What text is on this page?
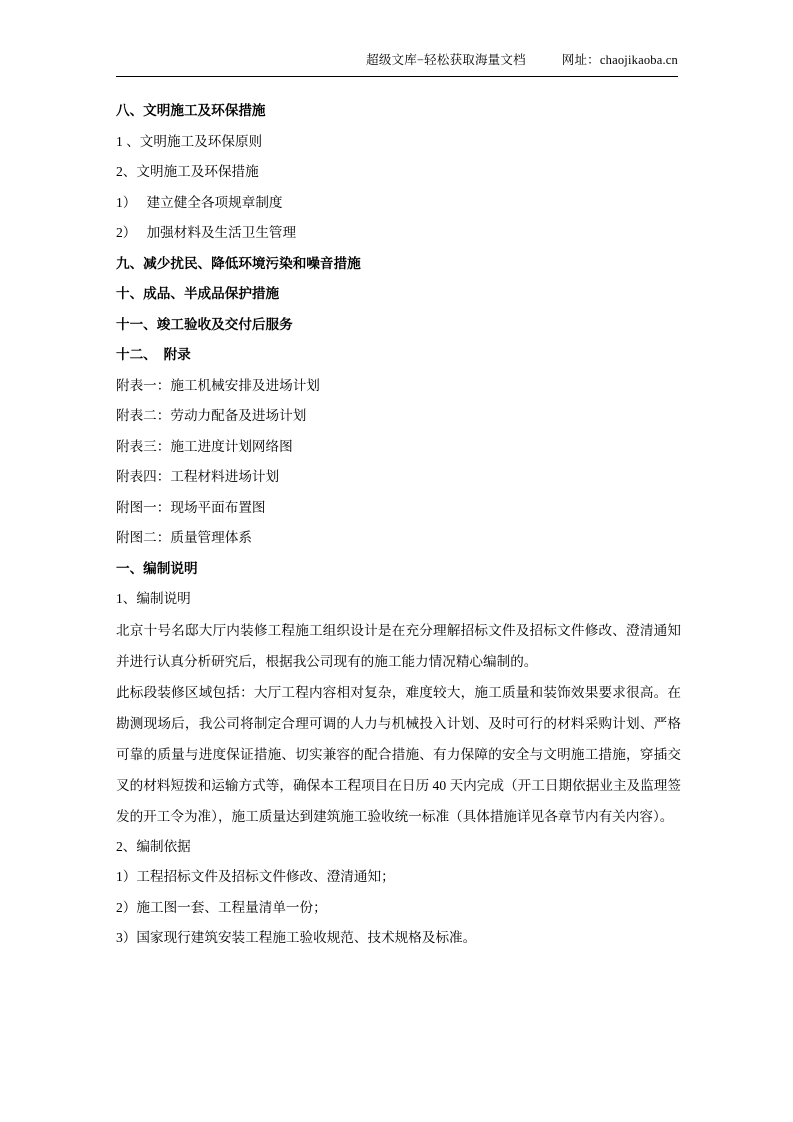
超级文库−轻松获取海量文档	网址：chaojikaoba.cn

八、文明施工及环保措施

1 、文明施工及环保原则

2、文明施工及环保措施

1）   建立健全各项规章制度

2）   加强材料及生活卫生管理

九、减少扰民、降低环境污染和噪音措施

十、成品、半成品保护措施

十一、竣工验收及交付后服务

十二、  附录

附表一：施工机械安排及进场计划

附表二：劳动力配备及进场计划

附表三：施工进度计划网络图

附表四：工程材料进场计划

附图一：现场平面布置图

附图二：质量管理体系

一、编制说明

1、编制说明

北京十号名邸大厅内装修工程施工组织设计是在充分理解招标文件及招标文件修改、澄清通知并进行认真分析研究后，根据我公司现有的施工能力情况精心编制的。

此标段装修区域包括：大厅工程内容相对复杂，难度较大，施工质量和装饰效果要求很高。在勘测现场后，我公司将制定合理可调的人力与机械投入计划、及时可行的材料采购计划、严格可靠的质量与进度保证措施、切实兼容的配合措施、有力保障的安全与文明施工措施，穿插交叉的材料短拨和运输方式等，确保本工程项目在日历 40 天内完成（开工日期依据业主及监理签发的开工令为准），施工质量达到建筑施工验收统一标准（具体措施详见各章节内有关内容）。

2、编制依据

1）工程招标文件及招标文件修改、澄清通知；

2）施工图一套、工程量清单一份；

3）国家现行建筑安装工程施工验收规范、技术规格及标准。
